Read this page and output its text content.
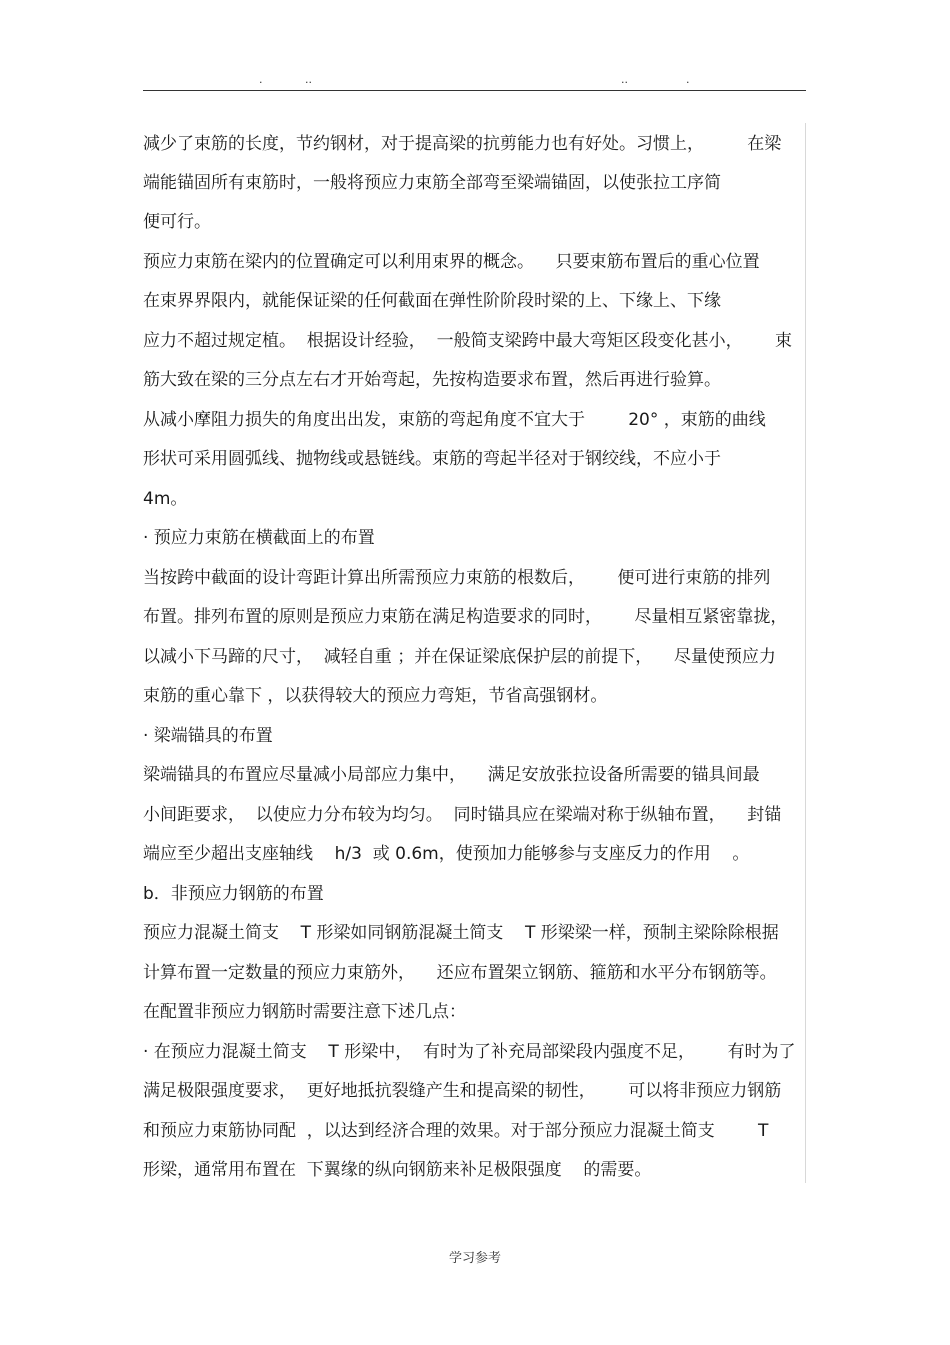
.	..	..	.
减少了束筋的长度，节约钢材，对于提高梁的抗剪能力也有好处。习惯上，        在梁
端能锚固所有束筋时，一般将预应力束筋全部弯至梁端锚固，以使张拉工序简
便可行。
预应力束筋在梁内的位置确定可以利用束界的概念。    只要束筋布置后的重心位置
在束界界限内，就能保证梁的任何截面在弹性阶阶段时梁的上、下缘上、下缘
应力不超过规定植。  根据设计经验，  一般简支梁跨中最大弯矩区段变化甚小，      束
筋大致在梁的三分点左右才开始弯起，先按构造要求布置，然后再进行验算。
从减小摩阻力损失的角度出出发，束筋的弯起角度不宜大于        20° ，束筋的曲线
形状可采用圆弧线、抛物线或悬链线。束筋的弯起半径对于钢绞线，不应小于
4m。
· 预应力束筋在横截面上的布置
当按跨中截面的设计弯距计算出所需预应力束筋的根数后，      便可进行束筋的排列
布置。排列布置的原则是预应力束筋在满足构造要求的同时，      尽量相互紧密靠拢，
以减小下马蹄的尺寸，  减轻自重 ；并在保证梁底保护层的前提下，    尽量使预应力
束筋的重心靠下 ，以获得较大的预应力弯矩，节省高强钢材。
· 梁端锚具的布置
梁端锚具的布置应尽量减小局部应力集中，    满足安放张拉设备所需要的锚具间最
小间距要求，  以使应力分布较为均匀。  同时锚具应在梁端对称于纵轴布置，    封锚
端应至少超出支座轴线    h/3  或 0.6m，使预加力能够参与支座反力的作用    。
b．非预应力钢筋的布置
预应力混凝土简支    T 形梁如同钢筋混凝土简支    T 形梁梁一样，预制主梁除除根据
计算布置一定数量的预应力束筋外，    还应布置架立钢筋、箍筋和水平分布钢筋等。
在配置非预应力钢筋时需要注意下述几点：
· 在预应力混凝土简支    T 形梁中，  有时为了补充局部梁段内强度不足，      有时为了
满足极限强度要求，  更好地抵抗裂缝产生和提高梁的韧性，      可以将非预应力钢筋
和预应力束筋协同配  ，以达到经济合理的效果。对于部分预应力混凝土简支        T
形梁，通常用布置在  下翼缘的纵向钢筋来补足极限强度    的需要。
学习参考
